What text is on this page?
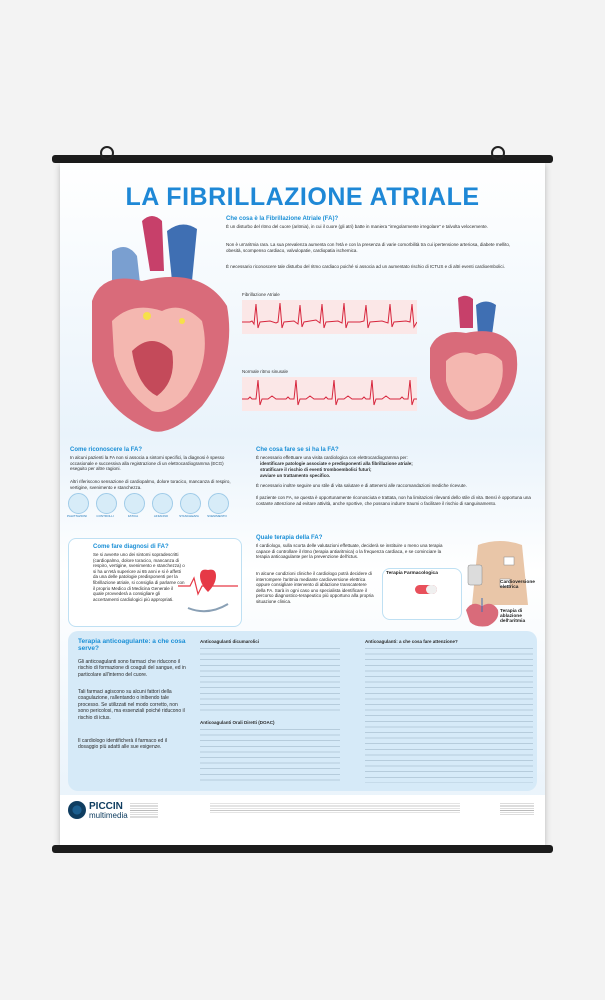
LA FIBRILLAZIONE ATRIALE
Che cosa è la Fibrillazione Atriale (FA)?
È un disturbo del ritmo del cuore (aritmia), in cui il cuore (gli atri) batte in maniera "irregolarmente irregolare" e talvolta velocemente.
Non è un'aritmia rara. La sua prevalenza aumenta con l'età e con la presenza di varie comorbilità tra cui ipertensione arteriosa, diabete mellito, obesità, scompenso cardiaco, valvulopatie, cardiopatia ischemica.
È necessario riconoscere tale disturbo del ritmo cardiaco poiché si associa ad un aumentato rischio di ICTUS e di altri eventi cardioembolici.
Fibrillazione Atriale
Normale ritmo sinusale
Come riconoscere la FA?
In alcuni pazienti la FA non si associa a sintomi specifici, la diagnosi è spesso occasionale e successiva alla registrazione di un elettrocardiogramma (ECG) eseguito per altre ragioni.
Altri riferiscono sensazione di cardiopalmo, dolore toracico, mancanza di respiro, vertigine, svenimento e stanchezza.
PALPITAZIONI	CONTROLLI	FATICA	AFFANNO	STANCHEZZA	SVENIMENTO
Che cosa fare se si ha la FA?
È necessario effettuare una visita cardiologica con elettrocardiogramma per:
identificare patologie associate e predisponenti alla fibrillazione atriale;
stratificare il rischio di eventi tromboembolici futuri;
avviare un trattamento specifico.
È necessario inoltre seguire uno stile di vita salutare e di attenersi alle raccomandazioni mediche ricevute.
Il paziente con FA, se questa è opportunamente riconosciuta e trattata, non ha limitazioni rilevanti dello stile di vita. Bensì è opportuna una costante attenzione ad evitare attività, anche sportive, che possano indurre traumi o facilitare il rischio di sanguinamento.
Come fare diagnosi di FA?
Se si avverte uno dei sintomi sopradescritti (cardiopalmo, dolore toracico, mancanza di respiro, vertigine, svenimento e stanchezza) o si ha un'età superiore ai 65 anni e si è affetti da una delle patologie predisponenti per la fibrillazione atriale, si consiglia di parlarne con il proprio Medico di Medicina Generale il quale provvederà a consigliare gli accertamenti cardiologici più appropriati.
Quale terapia della FA?
Il cardiologo, sulla scorta delle valutazioni effettuate, deciderà se instituire o meno una terapia capace di controllare il ritmo (terapia antiaritmica) o la frequenza cardiaca, e se cominciare la terapia anticoagulante per la prevenzione dell'ictus.
In alcune condizioni cliniche il cardiologo potrà decidere di interrompere l'aritmia mediante cardioversione elettrica oppure consigliare intervento di ablazione transcatetere della FA. Sarà in ogni caso uno specialista identificare il percorso diagnostico-terapeutico più opportuno alla propria situazione clinica.
Terapia Farmacologica
Cardioversione elettrica
Terapia di ablazione dell'aritmia
Terapia anticoagulante: a che cosa serve?
Gli anticoagulanti sono farmaci che riducono il rischio di formazione di coaguli del sangue, ed in particolare all'interno del cuore.
Tali farmaci agiscono su alcuni fattori della coagulazione, rallentando o inibendo tale processo. Se utilizzati nel modo corretto, non sono pericolosi, ma essenziali poiché riducono il rischio di ictus.
Il cardiologo identificherà il farmaco ed il dosaggio più adatti alle sue esigenze.
Anticoagulanti dicumarolici
Anticoagulanti Orali Diretti (DOAC)
Anticoagulanti: a che cosa fare attenzione?
PICCIN
multimedia
